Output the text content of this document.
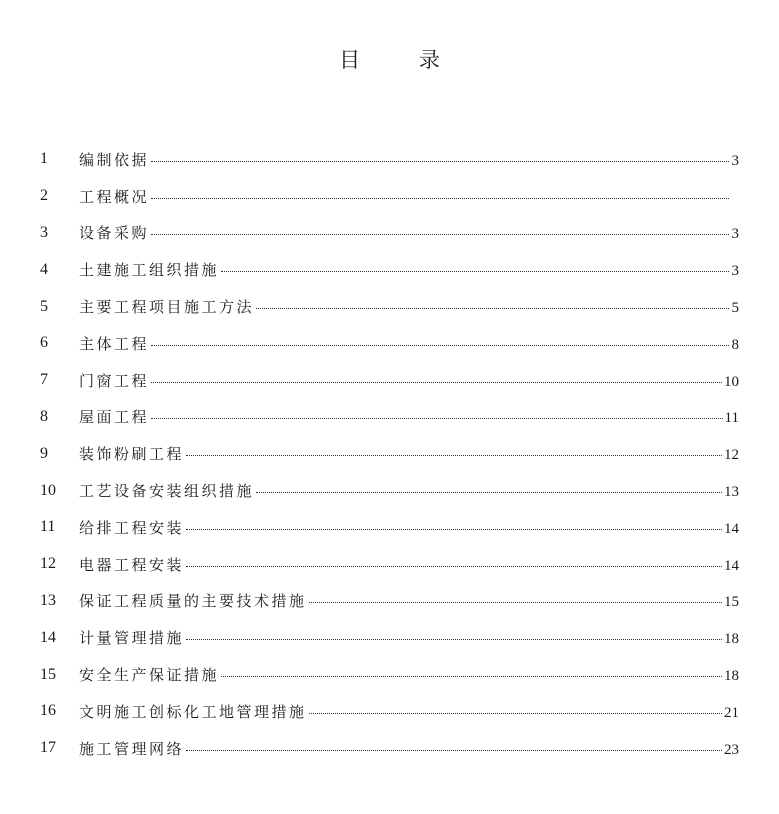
目 录
1	编制依据	3
2	工程概况
3	设备采购	3
4	土建施工组织措施	3
5	主要工程项目施工方法	5
6	主体工程	8
7	门窗工程	10
8	屋面工程	11
9	装饰粉刷工程	12
10	工艺设备安装组织措施	13
11	给排工程安装	14
12	电器工程安装	14
13	保证工程质量的主要技术措施	15
14	计量管理措施	18
15	安全生产保证措施	18
16	文明施工创标化工地管理措施	21
17	施工管理网络	23
